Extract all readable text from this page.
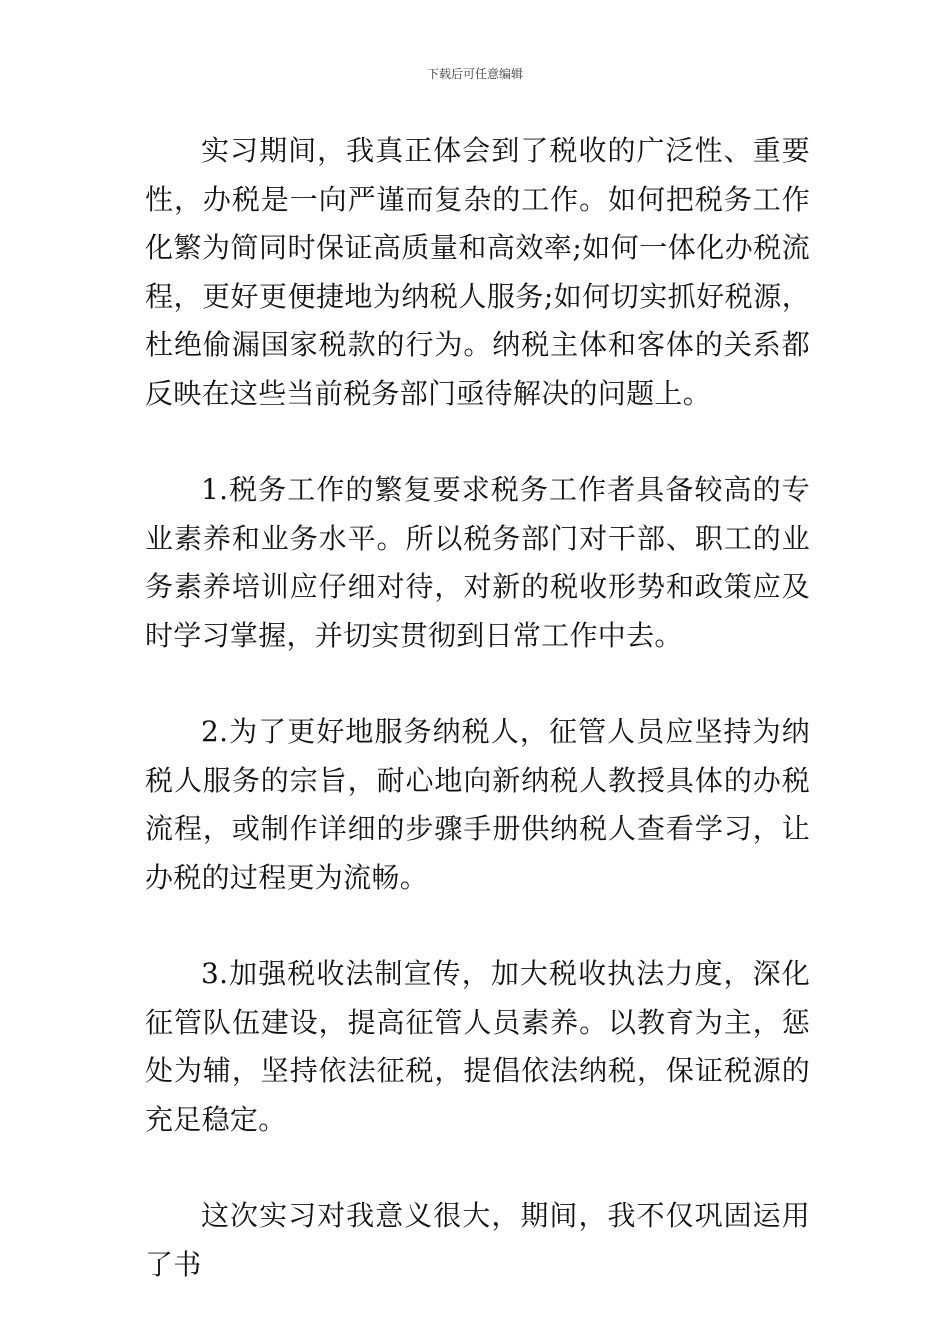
下载后可任意编辑

实习期间，我真正体会到了税收的广泛性、重要性，办税是一向严谨而复杂的工作。如何把税务工作化繁为简同时保证高质量和高效率;如何一体化办税流程，更好更便捷地为纳税人服务;如何切实抓好税源，杜绝偷漏国家税款的行为。纳税主体和客体的关系都反映在这些当前税务部门亟待解决的问题上。

1.税务工作的繁复要求税务工作者具备较高的专业素养和业务水平。所以税务部门对干部、职工的业务素养培训应仔细对待，对新的税收形势和政策应及时学习掌握，并切实贯彻到日常工作中去。

2.为了更好地服务纳税人，征管人员应坚持为纳税人服务的宗旨，耐心地向新纳税人教授具体的办税流程，或制作详细的步骤手册供纳税人查看学习，让办税的过程更为流畅。

3.加强税收法制宣传，加大税收执法力度，深化征管队伍建设，提高征管人员素养。以教育为主，惩处为辅，坚持依法征税，提倡依法纳税，保证税源的充足稳定。

这次实习对我意义很大，期间，我不仅巩固运用了书
